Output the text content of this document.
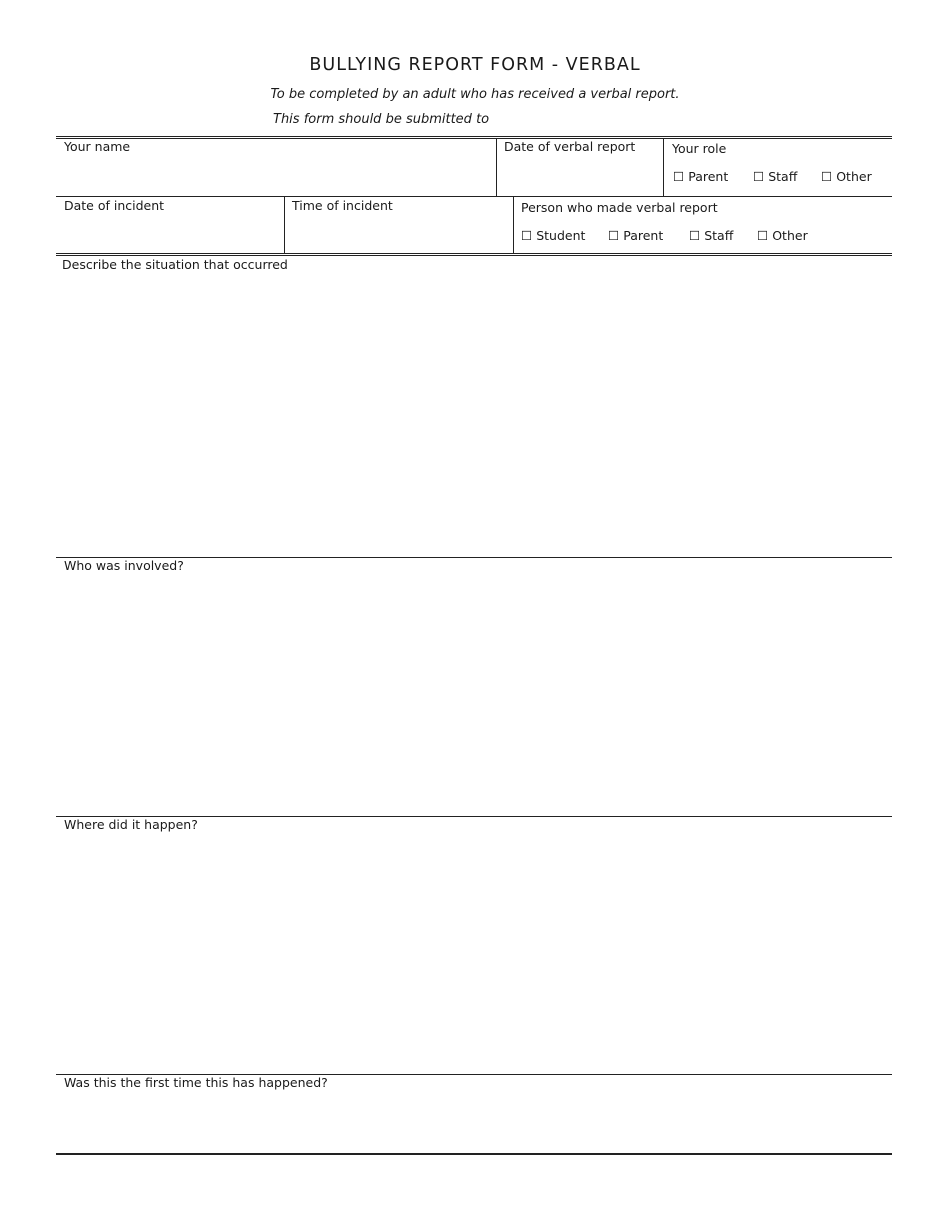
BULLYING REPORT FORM - VERBAL
To be completed by an adult who has received a verbal report.
This form should be submitted to
Your name	Date of verbal report	Your role
☐ Parent ☐ Staff ☐ Other
Date of incident	Time of incident	Person who made verbal report
☐ Student ☐ Parent ☐ Staff ☐ Other
Describe the situation that occurred
Who was involved?
Where did it happen?
Was this the first time this has happened?
